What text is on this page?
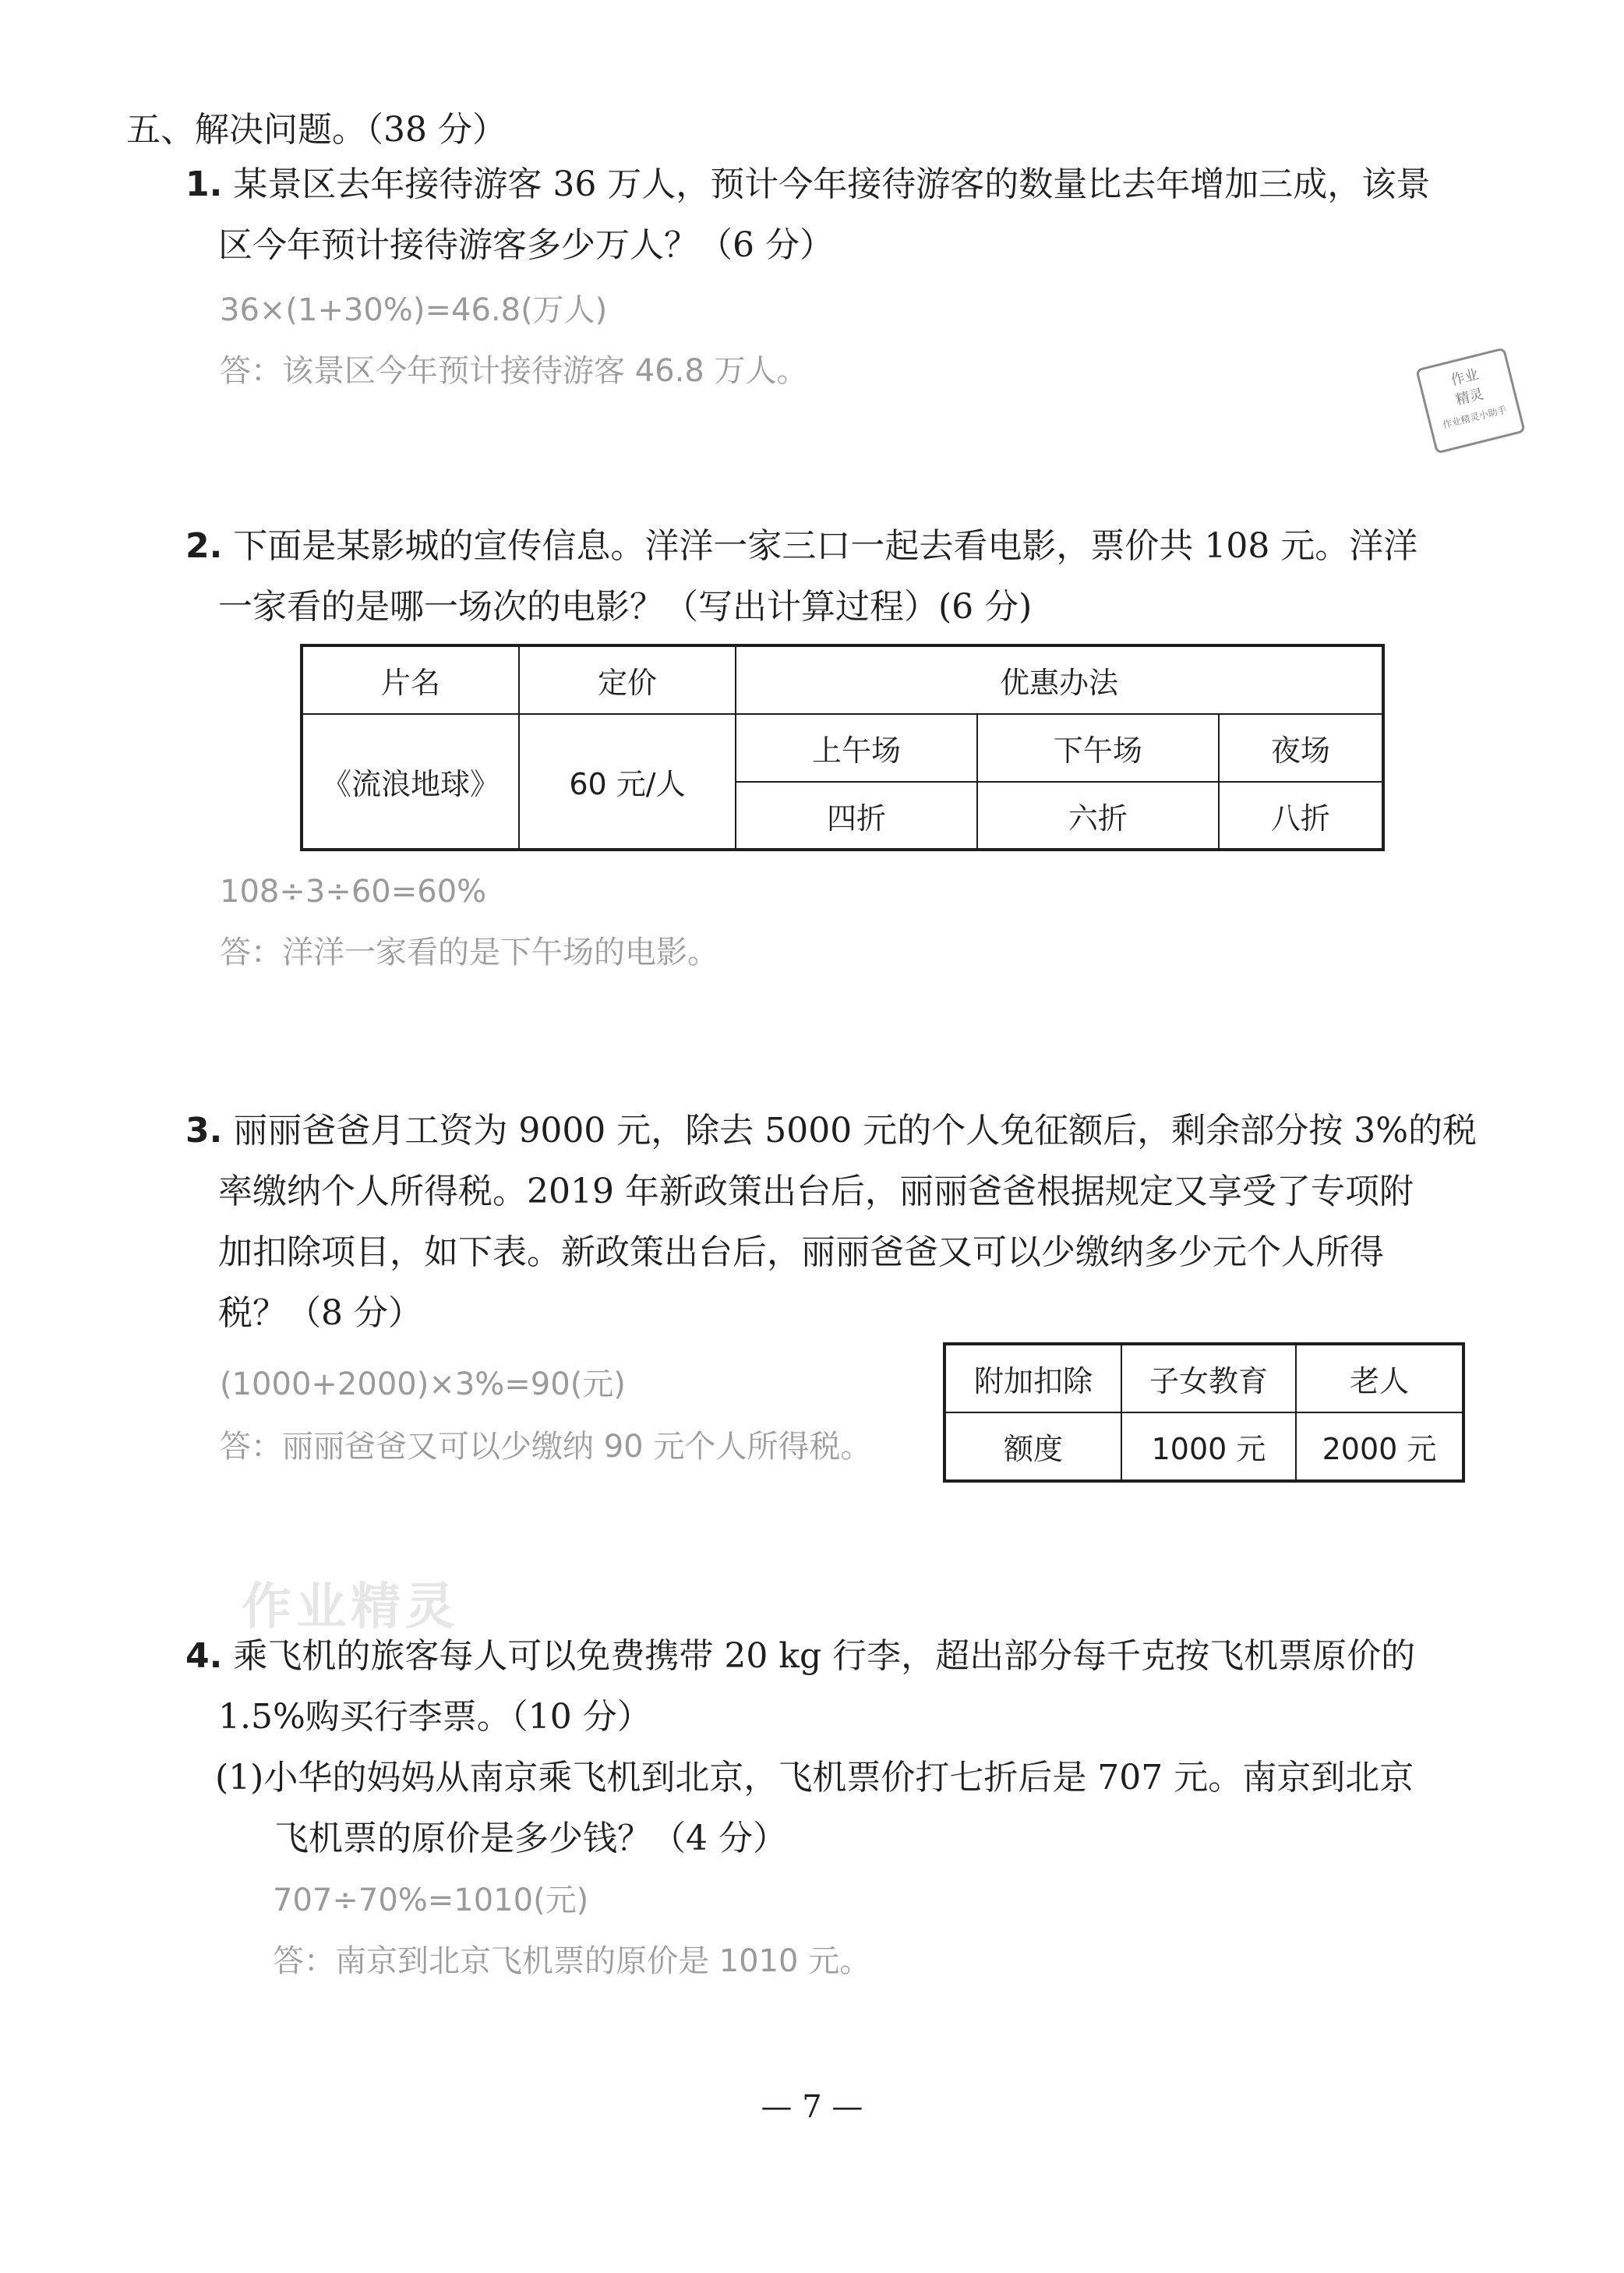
五、解决问题。（38 分）
1. 某景区去年接待游客 36 万人，预计今年接待游客的数量比去年增加三成，该景
区今年预计接待游客多少万人？（6 分）
36×(1+30%)=46.8(万人)
答：该景区今年预计接待游客 46.8 万人。	作业
精灵
作业精灵小助手
2. 下面是某影城的宣传信息。洋洋一家三口一起去看电影，票价共 108 元。洋洋
一家看的是哪一场次的电影？（写出计算过程）(6 分)
片名	定价	优惠办法		
《流浪地球》	60 元/人	上午场	下午场	夜场
		四折	六折	八折
108÷3÷60=60%
答：洋洋一家看的是下午场的电影。
3. 丽丽爸爸月工资为 9000 元，除去 5000 元的个人免征额后，剩余部分按 3%的税
率缴纳个人所得税。2019 年新政策出台后，丽丽爸爸根据规定又享受了专项附
加扣除项目，如下表。新政策出台后，丽丽爸爸又可以少缴纳多少元个人所得
税？（8 分）
(1000+2000)×3%=90(元)
答：丽丽爸爸又可以少缴纳 90 元个人所得税。
附加扣除	子女教育	老人
额度	1000 元	2000 元
作业精灵
4. 乘飞机的旅客每人可以免费携带 20 kg 行李，超出部分每千克按飞机票原价的
1.5%购买行李票。（10 分）
(1)小华的妈妈从南京乘飞机到北京，飞机票价打七折后是 707 元。南京到北京
飞机票的原价是多少钱？（4 分）
707÷70%=1010(元)
答：南京到北京飞机票的原价是 1010 元。
— 7 —
